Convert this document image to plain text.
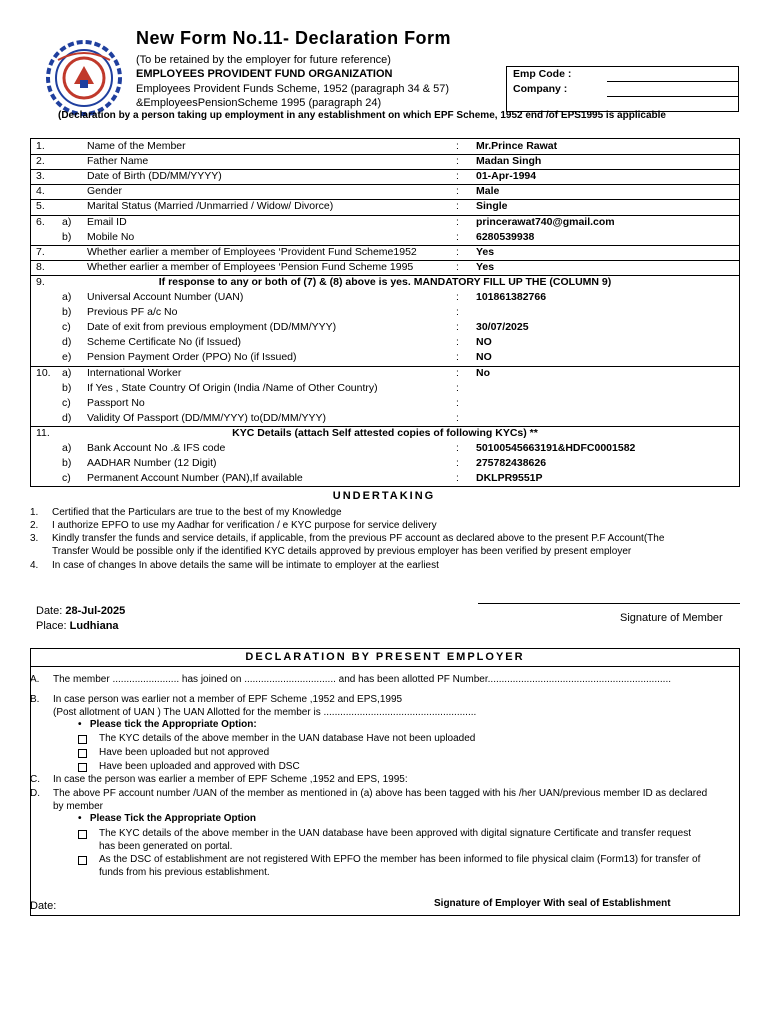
New Form No.11- Declaration Form
(To be retained by the employer for future reference)
EMPLOYEES PROVIDENT FUND ORGANIZATION
Employees Provident Funds Scheme, 1952 (paragraph 34 & 57)
&EmployeesPensionScheme 1995 (paragraph 24)
Emp Code :
Company :
(Declaration by a person taking up employment in any establishment on which EPF Scheme, 1952 end /of EPS1995 is applicable
1.	Name of the Member	: Mr.Prince Rawat
2.	Father Name	: Madan Singh
3.	Date of Birth (DD/MM/YYYY)	: 01-Apr-1994
4.	Gender	: Male
5.	Marital Status (Married /Unmarried / Widow/ Divorce)	: Single
6. a) Email ID	: princerawat740@gmail.com
b) Mobile No	: 6280539938
7.	Whether earlier a member of Employees ‘Provident Fund Scheme1952	: Yes
8.	Whether earlier a member of Employees ‘Pension Fund Scheme 1995	: Yes
9.	If response to any or both of (7) & (8) above is yes. MANDATORY FILL UP THE (COLUMN 9)
a) Universal Account Number (UAN)	: 101861382766
b) Previous PF a/c No	:
c) Date of exit from previous employment (DD/MM/YYY)	: 30/07/2025
d) Scheme Certificate No (if Issued)	: NO
e) Pension Payment Order (PPO) No (if Issued)	: NO
10. a) International Worker	: No
b) If Yes , State Country Of Origin (India /Name of Other Country)	:
c) Passport No	:
d) Validity Of Passport (DD/MM/YYY) to(DD/MM/YYY)	:
11.	KYC Details (attach Self attested copies of following KYCs) **
a) Bank Account No .& IFS code	: 50100545663191&HDFC0001582
b) AADHAR Number (12 Digit)	: 275782438626
c) Permanent Account Number (PAN),If available	: DKLPR9551P
UNDERTAKING
1. Certified that the Particulars are true to the best of my Knowledge
2. I authorize EPFO to use my Aadhar for verification / e KYC purpose for service delivery
3. Kindly transfer the funds and service details, if applicable, from the previous PF account as declared above to the present P.F Account(The
Transfer Would be possible only if the identified KYC details approved by previous employer has been verified by present employer
4. In case of changes In above details the same will be intimate to employer at the earliest
Date: 28-Jul-2025
Place: Ludhiana
Signature of Member
DECLARATION BY PRESENT EMPLOYER
A. The member ........................ has joined on ................................. and has been allotted PF Number..................................................................
B. In case person was earlier not a member of EPF Scheme ,1952 and EPS,1995
(Post allotment of UAN ) The UAN Allotted for the member is .......................................................
•   Please tick the Appropriate Option:
The KYC details of the above member in the UAN database Have not been uploaded
Have been uploaded but not approved
Have been uploaded and approved with DSC
C. In case the person was earlier a member of EPF Scheme ,1952 and EPS, 1995:
D. The above PF account number /UAN of the member as mentioned in (a) above has been tagged with his /her UAN/previous member ID as declared
by member
•   Please Tick the Appropriate Option
The KYC details of the above member in the UAN database have been approved with digital signature Certificate and transfer request
has been generated on portal.
As the DSC of establishment are not registered With EPFO the member has been informed to file physical claim (Form13) for transfer of
funds from his previous establishment.
Date:	Signature of Employer With seal of Establishment
